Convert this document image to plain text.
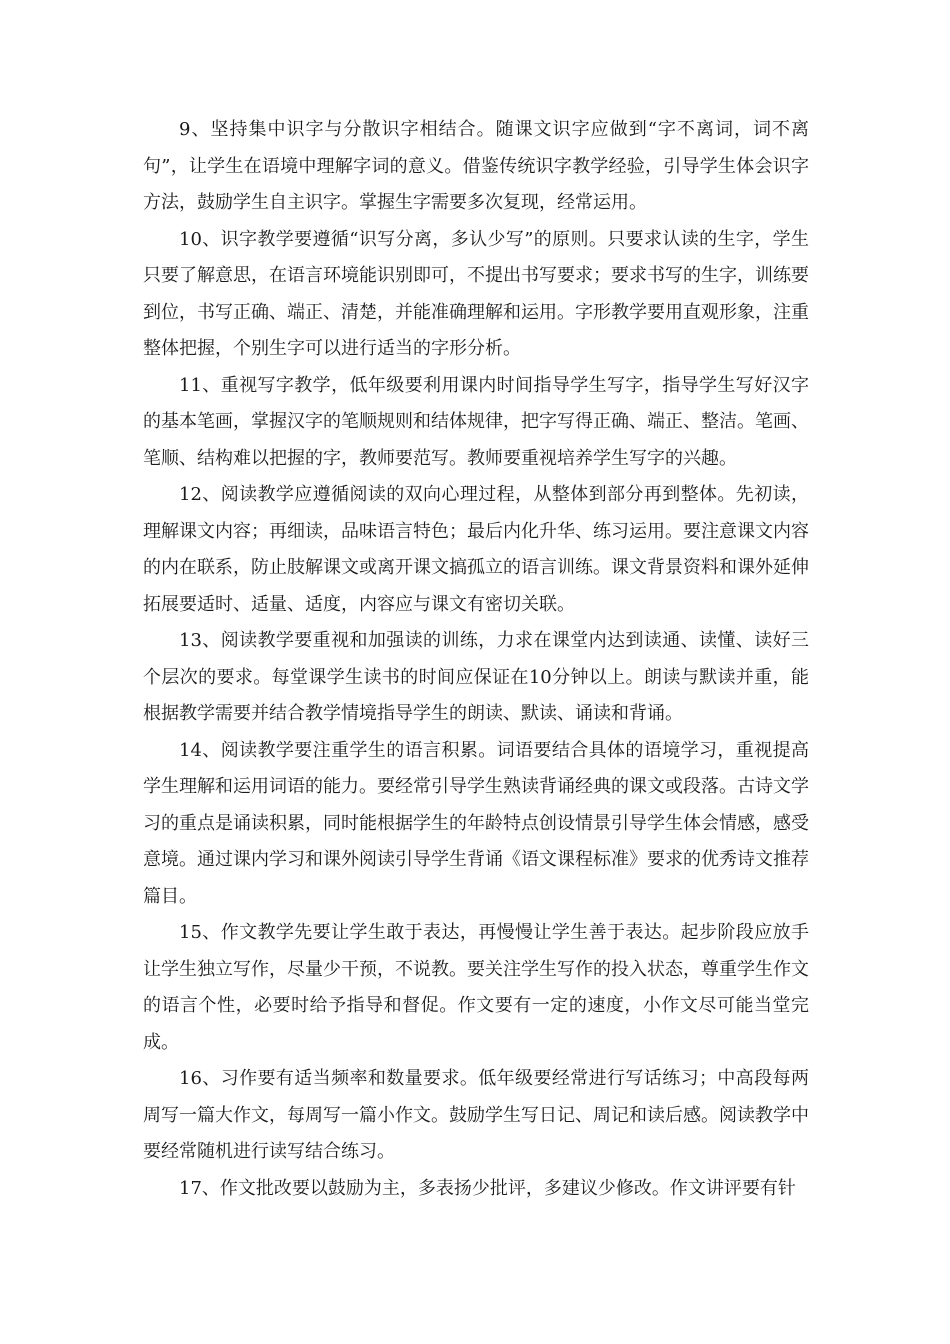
9、坚持集中识字与分散识字相结合。随课文识字应做到“字不离词，词不离句”，让学生在语境中理解字词的意义。借鉴传统识字教学经验，引导学生体会识字方法，鼓励学生自主识字。掌握生字需要多次复现，经常运用。

10、识字教学要遵循“识写分离，多认少写”的原则。只要求认读的生字，学生只要了解意思，在语言环境能识别即可，不提出书写要求；要求书写的生字，训练要到位，书写正确、端正、清楚，并能准确理解和运用。字形教学要用直观形象，注重整体把握，个别生字可以进行适当的字形分析。

11、重视写字教学，低年级要利用课内时间指导学生写字，指导学生写好汉字的基本笔画，掌握汉字的笔顺规则和结体规律，把字写得正确、端正、整洁。笔画、笔顺、结构难以把握的字，教师要范写。教师要重视培养学生写字的兴趣。

12、阅读教学应遵循阅读的双向心理过程，从整体到部分再到整体。先初读，理解课文内容；再细读，品味语言特色；最后内化升华、练习运用。要注意课文内容的内在联系，防止肢解课文或离开课文搞孤立的语言训练。课文背景资料和课外延伸拓展要适时、适量、适度，内容应与课文有密切关联。

13、阅读教学要重视和加强读的训练，力求在课堂内达到读通、读懂、读好三个层次的要求。每堂课学生读书的时间应保证在10分钟以上。朗读与默读并重，能根据教学需要并结合教学情境指导学生的朗读、默读、诵读和背诵。

14、阅读教学要注重学生的语言积累。词语要结合具体的语境学习，重视提高学生理解和运用词语的能力。要经常引导学生熟读背诵经典的课文或段落。古诗文学习的重点是诵读积累，同时能根据学生的年龄特点创设情景引导学生体会情感，感受意境。通过课内学习和课外阅读引导学生背诵《语文课程标准》要求的优秀诗文推荐篇目。

15、作文教学先要让学生敢于表达，再慢慢让学生善于表达。起步阶段应放手让学生独立写作，尽量少干预，不说教。要关注学生写作的投入状态，尊重学生作文的语言个性，必要时给予指导和督促。作文要有一定的速度，小作文尽可能当堂完成。

16、习作要有适当频率和数量要求。低年级要经常进行写话练习；中高段每两周写一篇大作文，每周写一篇小作文。鼓励学生写日记、周记和读后感。阅读教学中要经常随机进行读写结合练习。

17、作文批改要以鼓励为主，多表扬少批评，多建议少修改。作文讲评要有针
